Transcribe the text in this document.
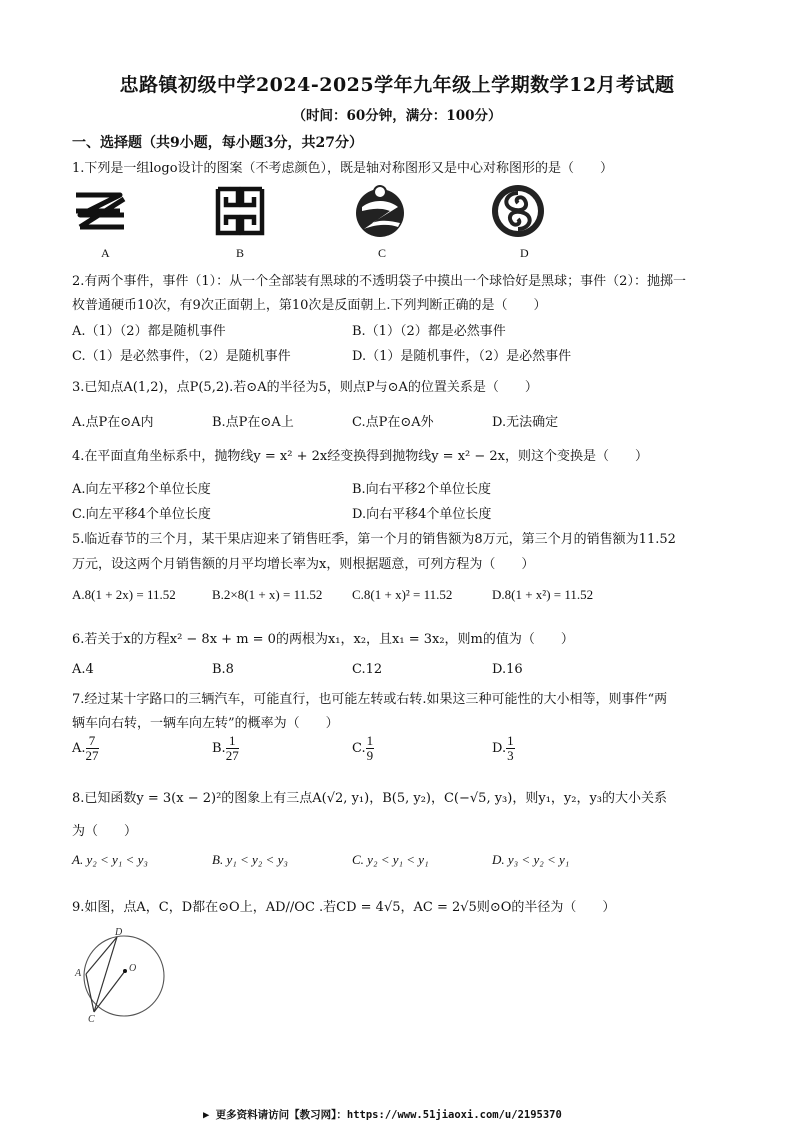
忠路镇初级中学2024-2025学年九年级上学期数学12月考试题
（时间：60分钟，满分：100分）
一、选择题（共9小题，每小题3分，共27分）
1.下列是一组logo设计的图案（不考虑颜色），既是轴对称图形又是中心对称图形的是（　　）
A	B	C	D
2.有两个事件，事件（1）：从一个全部装有黑球的不透明袋子中摸出一个球恰好是黑球；事件（2）：抛掷一
枚普通硬币10次，有9次正面朝上，第10次是反面朝上.下列判断正确的是（　　）
A.（1）（2）都是随机事件	B.（1）（2）都是必然事件
C.（1）是必然事件，（2）是随机事件	D.（1）是随机事件，（2）是必然事件
3.已知点A(1,2)，点P(5,2).若⊙A的半径为5，则点P与⊙A的位置关系是（　　）
A.点P在⊙A内	B.点P在⊙A上	C.点P在⊙A外	D.无法确定
4.在平面直角坐标系中，抛物线y = x² + 2x经变换得到抛物线y = x² − 2x，则这个变换是（　　）
A.向左平移2个单位长度	B.向右平移2个单位长度
C.向左平移4个单位长度	D.向右平移4个单位长度
5.临近春节的三个月，某干果店迎来了销售旺季，第一个月的销售额为8万元，第三个月的销售额为11.52
万元，设这两个月销售额的月平均增长率为x，则根据题意，可列方程为（　　）
A.8(1 + 2x) = 11.52	B.2×8(1 + x) = 11.52 C.8(1 + x)² = 11.52	D.8(1 + x²) = 11.52
6.若关于x的方程x² − 8x + m = 0的两根为x₁，x₂，且x₁ = 3x₂，则m的值为（　　）
A.4	B.8	C.12	D.16
7.经过某十字路口的三辆汽车，可能直行，也可能左转或右转.如果这三种可能性的大小相等，则事件“两
辆车向右转，一辆车向左转”的概率为（　　）
A. $\frac{7}{27}$	B. $\frac{1}{27}$	C. $\frac{1}{9}$	D. $\frac{1}{3}$
8.已知函数y = 3(x − 2)²的图象上有三点A(√2, y₁)，B(5, y₂)，C(−√5, y₃)，则y₁，y₂，y₃的大小关系
为（　　）
A. y₂ < y₁ < y₃	B. y₁ < y₂ < y₃	C. y₂ < y₁ < y₁	D. y₃ < y₂ < y₁
9.如图，点A，C，D都在⊙O上，AD//OC .若CD = 4√5，AC = 2√5则⊙O的半径为（　　）
D
A	O
C
▶ 更多资料请访问【教习网】：https://www.51jiaoxi.com/u/2195370
